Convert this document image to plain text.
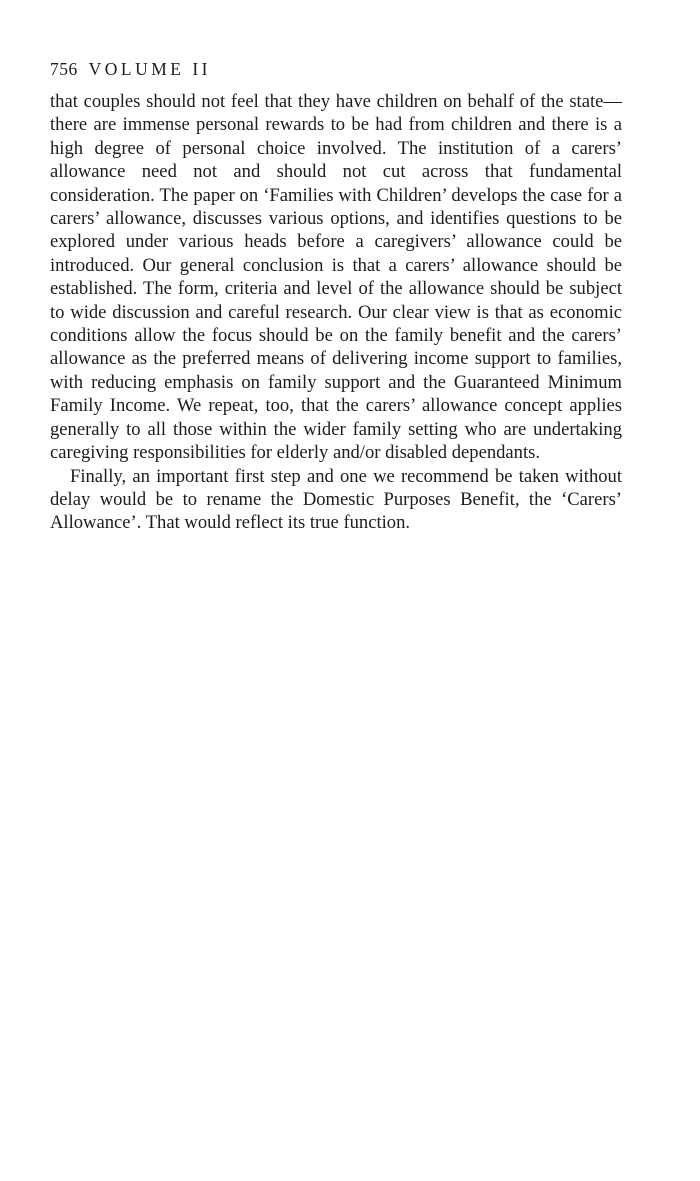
756 VOLUME II

that couples should not feel that they have children on behalf of the state—there are immense personal rewards to be had from children and there is a high degree of personal choice involved. The institution of a carers’ allowance need not and should not cut across that fundamental consideration. The paper on ‘Families with Children’ develops the case for a carers’ allowance, discusses various options, and identifies questions to be explored under various heads before a caregivers’ allowance could be introduced. Our general conclusion is that a carers’ allowance should be established. The form, criteria and level of the allowance should be subject to wide discussion and careful research. Our clear view is that as economic conditions allow the focus should be on the family benefit and the carers’ allowance as the preferred means of delivering income support to families, with reducing emphasis on family support and the Guaranteed Minimum Family Income. We repeat, too, that the carers’ allowance concept applies generally to all those within the wider family setting who are undertaking caregiving responsibilities for elderly and/or disabled dependants.

Finally, an important first step and one we recommend be taken without delay would be to rename the Domestic Purposes Benefit, the ‘Carers’ Allowance’. That would reflect its true function.
